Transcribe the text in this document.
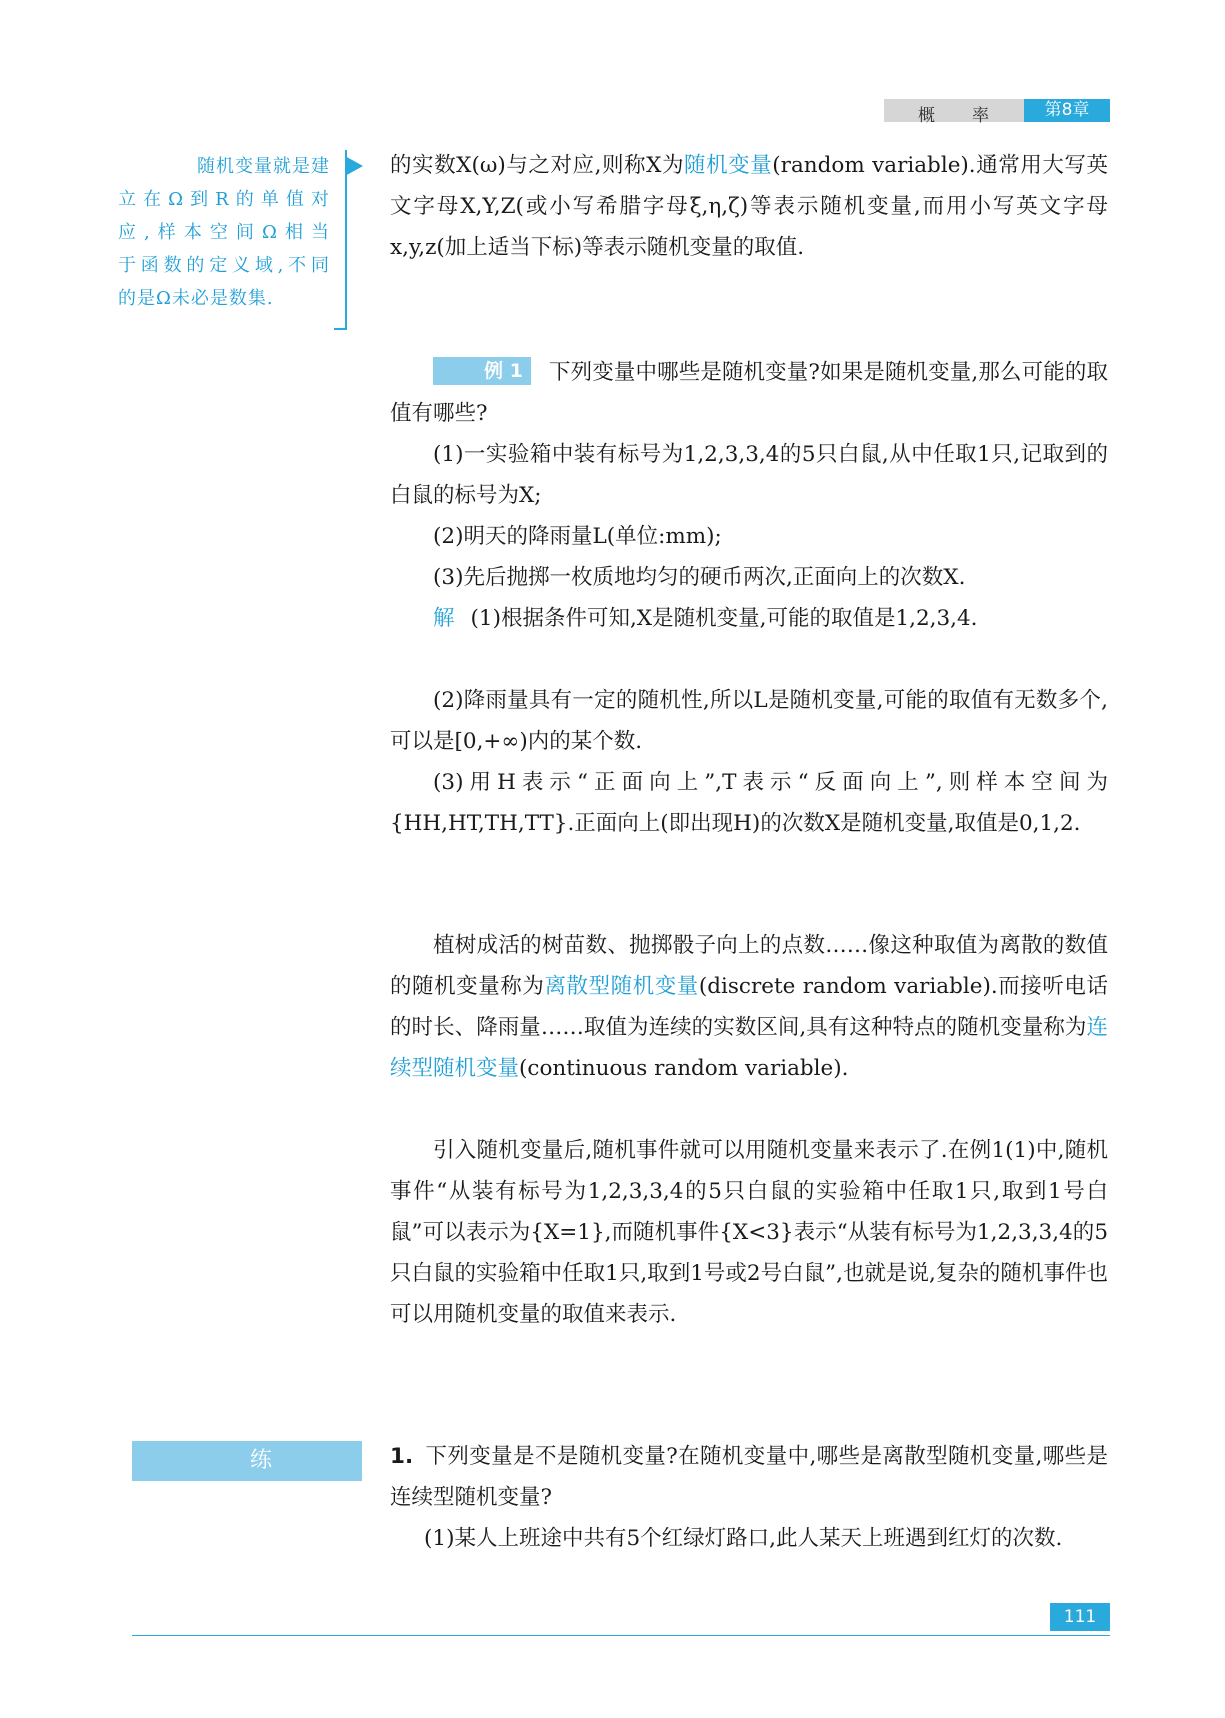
概 率	第8章
随机变量就是建
立在Ω到R的单值对
应,样本空间Ω相当
于函数的定义域,不同
的是Ω未必是数集.
的实数X(ω)与之对应,则称X为随机变量(random variable).通常用大写英文字母X,Y,Z(或小写希腊字母ξ,η,ζ)等表示随机变量,而用小写英文字母x,y,z(加上适当下标)等表示随机变量的取值.
例 1 下列变量中哪些是随机变量?如果是随机变量,那么可能的取值有哪些?
(1)一实验箱中装有标号为1,2,3,3,4的5只白鼠,从中任取1只,记取到的白鼠的标号为X;
(2)明天的降雨量L(单位:mm);
(3)先后抛掷一枚质地均匀的硬币两次,正面向上的次数X.
解 (1)根据条件可知,X是随机变量,可能的取值是1,2,3,4.
(2)降雨量具有一定的随机性,所以L是随机变量,可能的取值有无数多个,可以是[0,+∞)内的某个数.
(3)用H表示“正面向上”,T表示“反面向上”,则样本空间为{HH,HT,TH,TT}.正面向上(即出现H)的次数X是随机变量,取值是0,1,2.
植树成活的树苗数、抛掷骰子向上的点数……像这种取值为离散的数值的随机变量称为离散型随机变量(discrete random variable).而接听电话的时长、降雨量……取值为连续的实数区间,具有这种特点的随机变量称为连续型随机变量(continuous random variable).
引入随机变量后,随机事件就可以用随机变量来表示了.在例1(1)中,随机事件“从装有标号为1,2,3,3,4的5只白鼠的实验箱中任取1只,取到1号白鼠”可以表示为{X=1},而随机事件{X<3}表示“从装有标号为1,2,3,3,4的5只白鼠的实验箱中任取1只,取到1号或2号白鼠”,也就是说,复杂的随机事件也可以用随机变量的取值来表示.
练 习
1. 下列变量是不是随机变量?在随机变量中,哪些是离散型随机变量,哪些是连续型随机变量?
(1)某人上班途中共有5个红绿灯路口,此人某天上班遇到红灯的次数.
111
